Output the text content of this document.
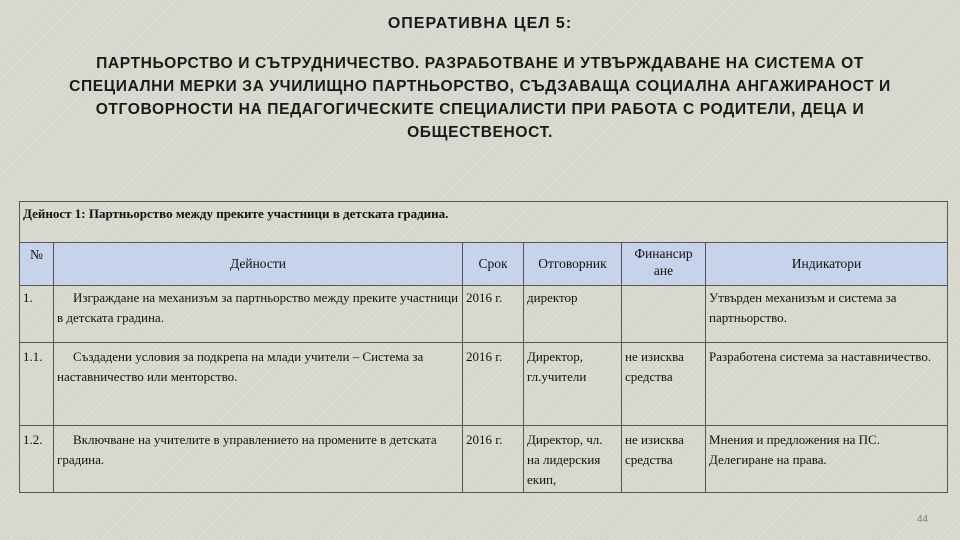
ОПЕРАТИВНА ЦЕЛ 5:
ПАРТНЬОРСТВО И СЪТРУДНИЧЕСТВО. РАЗРАБОТВАНЕ И УТВЪРЖДАВАНЕ НА СИСТЕМА ОТ СПЕЦИАЛНИ МЕРКИ ЗА УЧИЛИЩНО ПАРТНЬОРСТВО, СЪДЗАВАЩА СОЦИАЛНА АНГАЖИРАНОСТ И ОТГОВОРНОСТИ НА ПЕДАГОГИЧЕСКИТЕ СПЕЦИАЛИСТИ ПРИ РАБОТА С РОДИТЕЛИ, ДЕЦА И ОБЩЕСТВЕНОСТ.
Дейност 1: Партньорство между преките участници в детската градина.					
№	Дейности	Срок	Отговорник	Финансир ане	Индикатори
1.	Изграждане на механизъм за партньорство между преките участници в детската градина.	2016 г.	директор		Утвърден механизъм и система за партньорство.
1.1.	Създадени условия за подкрепа на млади учители – Система за наставничество или менторство.	2016 г.	Директор, гл.учители	не изисква средства	Разработена система за наставничество.
1.2.	Включване на учителите в управлението на промените в детската градина.	2016 г.	Директор, чл. на лидерския екип,	не изисква средства	Мнения и предложения на ПС. Делегиране на права.
44
